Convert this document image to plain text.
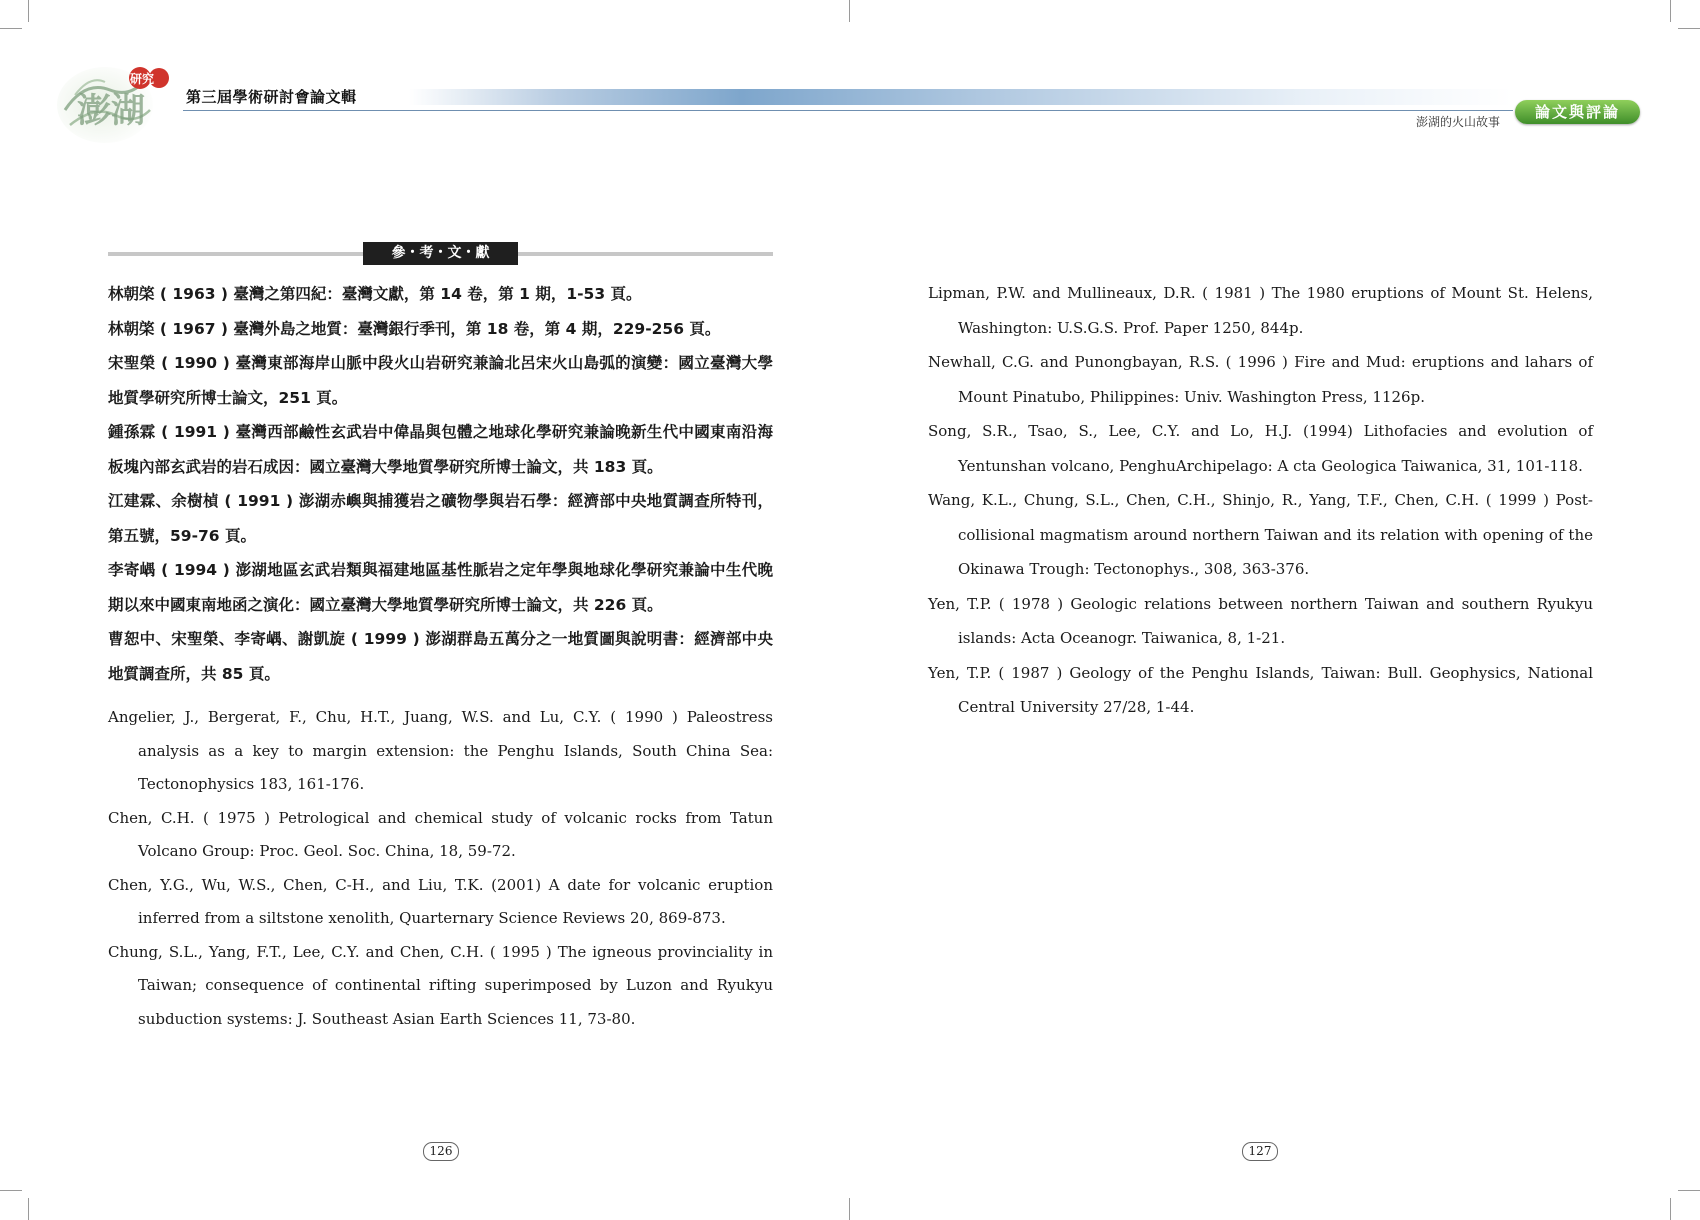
澎湖
研究
第三屆學術研討會論文輯
論文與評論
澎湖的火山故事
參・考・文・獻

林朝棨 ( 1963 ) 臺灣之第四紀：臺灣文獻，第 14 卷，第 1 期，1-53 頁。

林朝棨 ( 1967 ) 臺灣外島之地質：臺灣銀行季刊，第 18 卷，第 4 期，229-256 頁。

宋聖榮 ( 1990 ) 臺灣東部海岸山脈中段火山岩研究兼論北呂宋火山島弧的演變：國立臺灣大學地質學研究所博士論文，251 頁。

鍾孫霖 ( 1991 ) 臺灣西部鹼性玄武岩中偉晶與包體之地球化學研究兼論晚新生代中國東南沿海板塊內部玄武岩的岩石成因：國立臺灣大學地質學研究所博士論文，共 183 頁。

江建霖、余樹楨 ( 1991 ) 澎湖赤嶼與捕獲岩之礦物學與岩石學：經濟部中央地質調查所特刊，第五號，59-76 頁。

李寄嵎 ( 1994 ) 澎湖地區玄武岩類與福建地區基性脈岩之定年學與地球化學研究兼論中生代晚期以來中國東南地函之演化：國立臺灣大學地質學研究所博士論文，共 226 頁。

曹恕中、宋聖榮、李寄嵎、謝凱旋 ( 1999 ) 澎湖群島五萬分之一地質圖與說明書：經濟部中央地質調查所，共 85 頁。

Angelier, J., Bergerat, F., Chu, H.T., Juang, W.S. and Lu, C.Y. ( 1990 ) Paleostress analysis as a key to margin extension: the Penghu Islands, South China Sea: Tectonophysics 183, 161-176.

Chen, C.H. ( 1975 ) Petrological and chemical study of volcanic rocks from Tatun Volcano Group: Proc. Geol. Soc. China, 18, 59-72.

Chen, Y.G., Wu, W.S., Chen, C-H., and Liu, T.K. (2001) A date for volcanic eruption inferred from a siltstone xenolith, Quarternary Science Reviews 20, 869-873.

Chung, S.L., Yang, F.T., Lee, C.Y. and Chen, C.H. ( 1995 ) The igneous provinciality in Taiwan; consequence of continental rifting superimposed by Luzon and Ryukyu subduction systems: J. Southeast Asian Earth Sciences 11, 73-80.

Lipman, P.W. and Mullineaux, D.R. ( 1981 ) The 1980 eruptions of Mount St. Helens, Washington: U.S.G.S. Prof. Paper 1250, 844p.

Newhall, C.G. and Punongbayan, R.S. ( 1996 ) Fire and Mud: eruptions and lahars of Mount Pinatubo, Philippines: Univ. Washington Press, 1126p.

Song, S.R., Tsao, S., Lee, C.Y. and Lo, H.J. (1994) Lithofacies and evolution of Yentunshan volcano, PenghuArchipelago: A cta Geologica Taiwanica, 31, 101-118.

Wang, K.L., Chung, S.L., Chen, C.H., Shinjo, R., Yang, T.F., Chen, C.H. ( 1999 ) Post-collisional magmatism around northern Taiwan and its relation with opening of the Okinawa Trough: Tectonophys., 308, 363-376.

Yen, T.P. ( 1978 ) Geologic relations between northern Taiwan and southern Ryukyu islands: Acta Oceanogr. Taiwanica, 8, 1-21.

Yen, T.P. ( 1987 ) Geology of the Penghu Islands, Taiwan: Bull. Geophysics, National Central University 27/28, 1-44.

126	127
